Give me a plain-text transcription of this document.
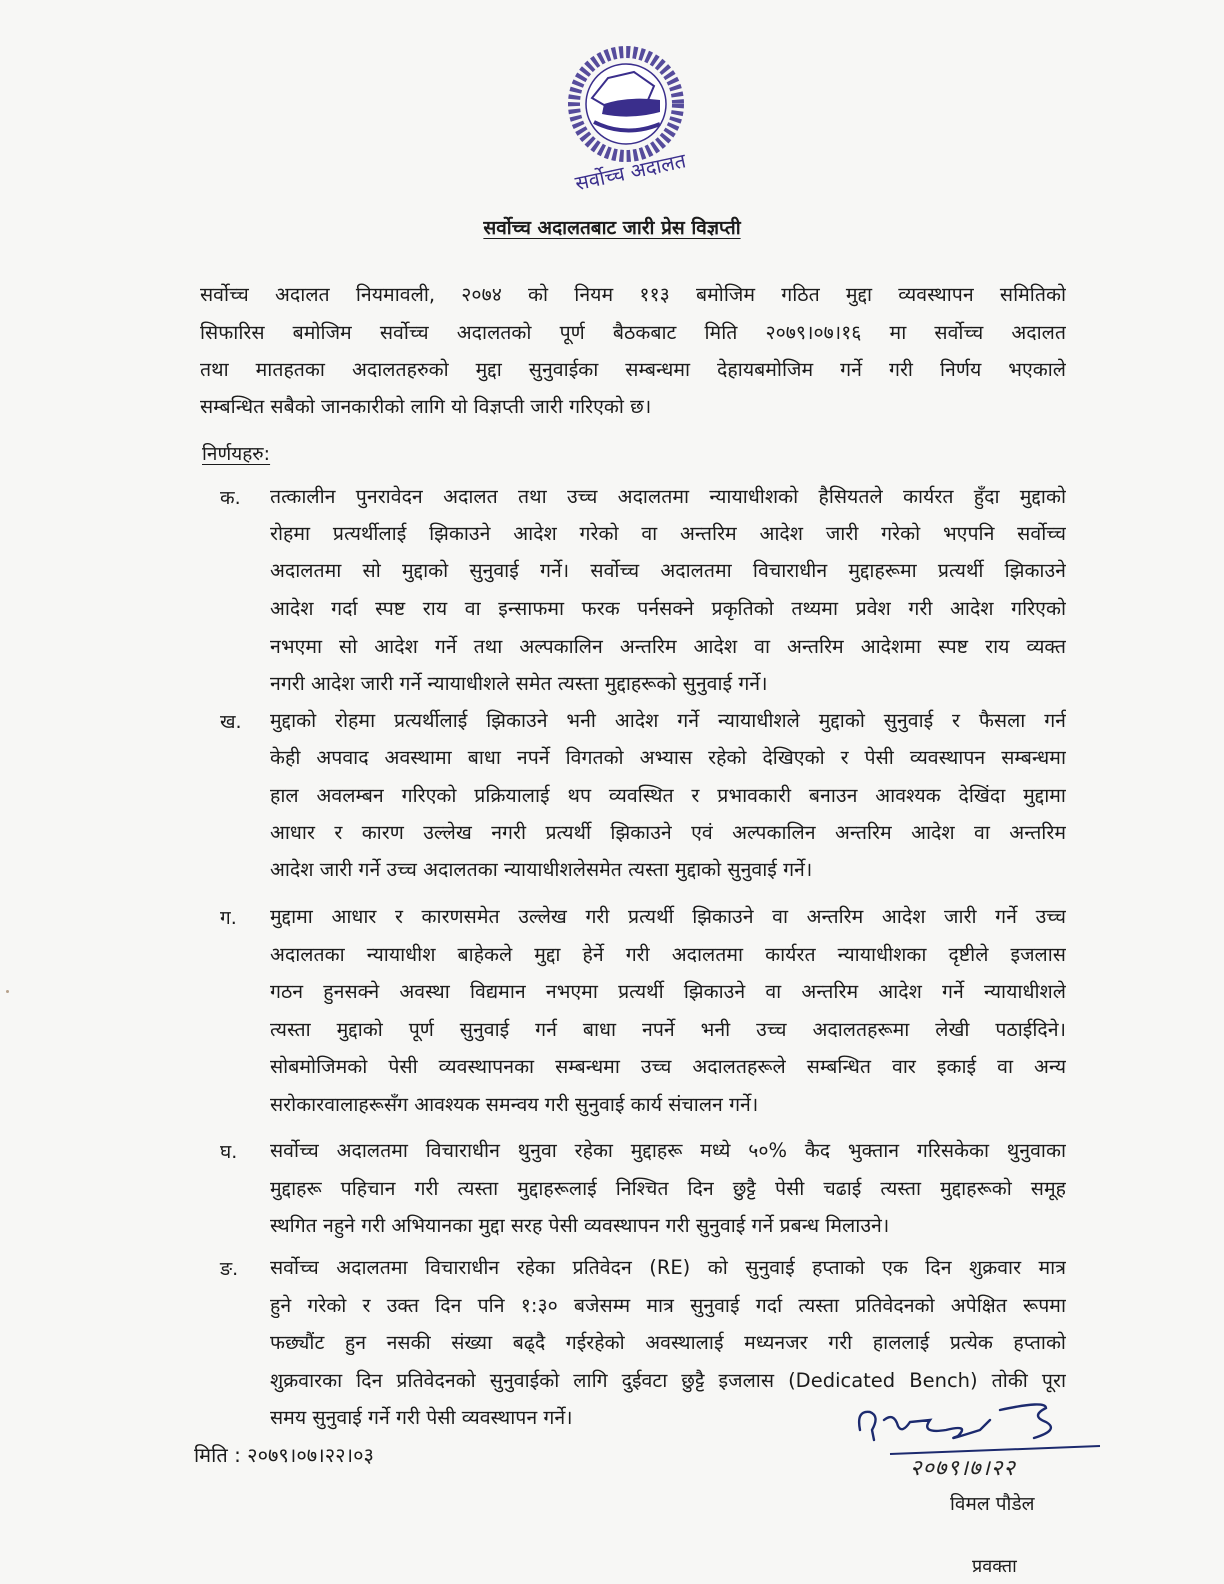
सर्वोच्च अदालत
सर्वोच्च अदालतबाट जारी प्रेस विज्ञप्ती
सर्वोच्च अदालत नियमावली, २०७४ को नियम ११३ बमोजिम गठित मुद्दा व्यवस्थापन समितिको
सिफारिस बमोजिम सर्वोच्च अदालतको पूर्ण बैठकबाट मिति २०७९।०७।१६ मा सर्वोच्च अदालत
तथा मातहतका अदालतहरुको मुद्दा सुनुवाईका सम्बन्धमा देहायबमोजिम गर्ने गरी निर्णय भएकाले
सम्बन्धित सबैको जानकारीको लागि यो विज्ञप्ती जारी गरिएको छ।
निर्णयहरु:
क. तत्कालीन पुनरावेदन अदालत तथा उच्च अदालतमा न्यायाधीशको हैसियतले कार्यरत हुँदा मुद्दाको
रोहमा प्रत्यर्थीलाई झिकाउने आदेश गरेको वा अन्तरिम आदेश जारी गरेको भएपनि सर्वोच्च
अदालतमा सो मुद्दाको सुनुवाई गर्ने। सर्वोच्च अदालतमा विचाराधीन मुद्दाहरूमा प्रत्यर्थी झिकाउने
आदेश गर्दा स्पष्ट राय वा इन्साफमा फरक पर्नसक्ने प्रकृतिको तथ्यमा प्रवेश गरी आदेश गरिएको
नभएमा सो आदेश गर्ने तथा अल्पकालिन अन्तरिम आदेश वा अन्तरिम आदेशमा स्पष्ट राय व्यक्त
नगरी आदेश जारी गर्ने न्यायाधीशले समेत त्यस्ता मुद्दाहरूको सुनुवाई गर्ने।
ख. मुद्दाको रोहमा प्रत्यर्थीलाई झिकाउने भनी आदेश गर्ने न्यायाधीशले मुद्दाको सुनुवाई र फैसला गर्न
केही अपवाद अवस्थामा बाधा नपर्ने विगतको अभ्यास रहेको देखिएको र पेसी व्यवस्थापन सम्बन्धमा
हाल अवलम्बन गरिएको प्रक्रियालाई थप व्यवस्थित र प्रभावकारी बनाउन आवश्यक देखिंदा मुद्दामा
आधार र कारण उल्लेख नगरी प्रत्यर्थी झिकाउने एवं अल्पकालिन अन्तरिम आदेश वा अन्तरिम
आदेश जारी गर्ने उच्च अदालतका न्यायाधीशलेसमेत त्यस्ता मुद्दाको सुनुवाई गर्ने।
ग. मुद्दामा आधार र कारणसमेत उल्लेख गरी प्रत्यर्थी झिकाउने वा अन्तरिम आदेश जारी गर्ने उच्च
अदालतका न्यायाधीश बाहेकले मुद्दा हेर्ने गरी अदालतमा कार्यरत न्यायाधीशका दृष्टीले इजलास
गठन हुनसक्ने अवस्था विद्यमान नभएमा प्रत्यर्थी झिकाउने वा अन्तरिम आदेश गर्ने न्यायाधीशले
त्यस्ता मुद्दाको पूर्ण सुनुवाई गर्न बाधा नपर्ने भनी उच्च अदालतहरूमा लेखी पठाईदिने।
सोबमोजिमको पेसी व्यवस्थापनका सम्बन्धमा उच्च अदालतहरूले सम्बन्धित वार इकाई वा अन्य
सरोकारवालाहरूसँग आवश्यक समन्वय गरी सुनुवाई कार्य संचालन गर्ने।
घ. सर्वोच्च अदालतमा विचाराधीन थुनुवा रहेका मुद्दाहरू मध्ये ५०% कैद भुक्तान गरिसकेका थुनुवाका
मुद्दाहरू पहिचान गरी त्यस्ता मुद्दाहरूलाई निश्चित दिन छुट्टै पेसी चढाई त्यस्ता मुद्दाहरूको समूह
स्थगित नहुने गरी अभियानका मुद्दा सरह पेसी व्यवस्थापन गरी सुनुवाई गर्ने प्रबन्ध मिलाउने।
ङ. सर्वोच्च अदालतमा विचाराधीन रहेका प्रतिवेदन (RE) को सुनुवाई हप्ताको एक दिन शुक्रवार मात्र
हुने गरेको र उक्त दिन पनि १:३० बजेसम्म मात्र सुनुवाई गर्दा त्यस्ता प्रतिवेदनको अपेक्षित रूपमा
फछ्यौंट हुन नसकी संख्या बढ्दै गईरहेको अवस्थालाई मध्यनजर गरी हाललाई प्रत्येक हप्ताको
शुक्रवारका दिन प्रतिवेदनको सुनुवाईको लागि दुईवटा छुट्टै इजलास (Dedicated Bench) तोकी पूरा
समय सुनुवाई गर्ने गरी पेसी व्यवस्थापन गर्ने।
मिति : २०७९।०७।२२।०३
२०७९।७।२२
विमल पौडेल
प्रवक्ता
